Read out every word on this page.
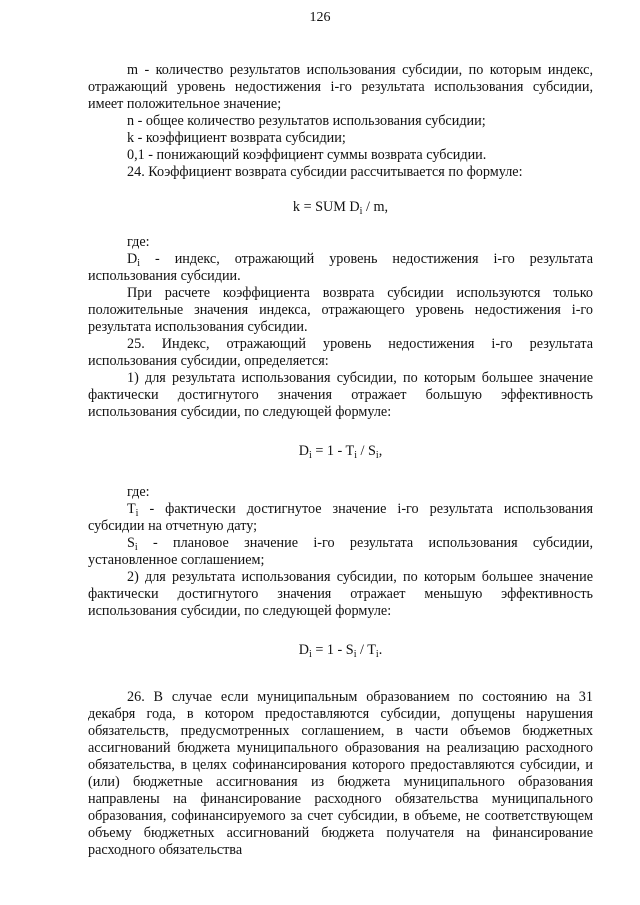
126

m - количество результатов использования субсидии, по которым индекс, отражающий уровень недостижения i-го результата использования субсидии, имеет положительное значение;

n - общее количество результатов использования субсидии;

k - коэффициент возврата субсидии;

0,1 - понижающий коэффициент суммы возврата субсидии.

24. Коэффициент возврата субсидии рассчитывается по формуле:

k = SUM $D_i$ / m,

где:

$D_i$ - индекс, отражающий уровень недостижения i-го результата использования субсидии.

При расчете коэффициента возврата субсидии используются только положительные значения индекса, отражающего уровень недостижения i-го результата использования субсидии.

25. Индекс, отражающий уровень недостижения i-го результата использования субсидии, определяется:

1) для результата использования субсидии, по которым большее значение фактически достигнутого значения отражает большую эффективность использования субсидии, по следующей формуле:

$D_i = 1 - T_i / S_i$,

где:

$T_i$ - фактически достигнутое значение i-го результата использования субсидии на отчетную дату;

$S_i$ - плановое значение i-го результата использования субсидии, установленное соглашением;

2) для результата использования субсидии, по которым большее значение фактически достигнутого значения отражает меньшую эффективность использования субсидии, по следующей формуле:

$D_i = 1 - S_i / T_i$.

26. В случае если муниципальным образованием по состоянию на 31 декабря года, в котором предоставляются субсидии, допущены нарушения обязательств, предусмотренных соглашением, в части объемов бюджетных ассигнований бюджета муниципального образования на реализацию расходного обязательства, в целях софинансирования которого предоставляются субсидии, и (или) бюджетные ассигнования из бюджета муниципального образования направлены на финансирование расходного обязательства муниципального образования, софинансируемого за счет субсидии, в объеме, не соответствующем объему бюджетных ассигнований бюджета получателя на финансирование расходного обязательства
